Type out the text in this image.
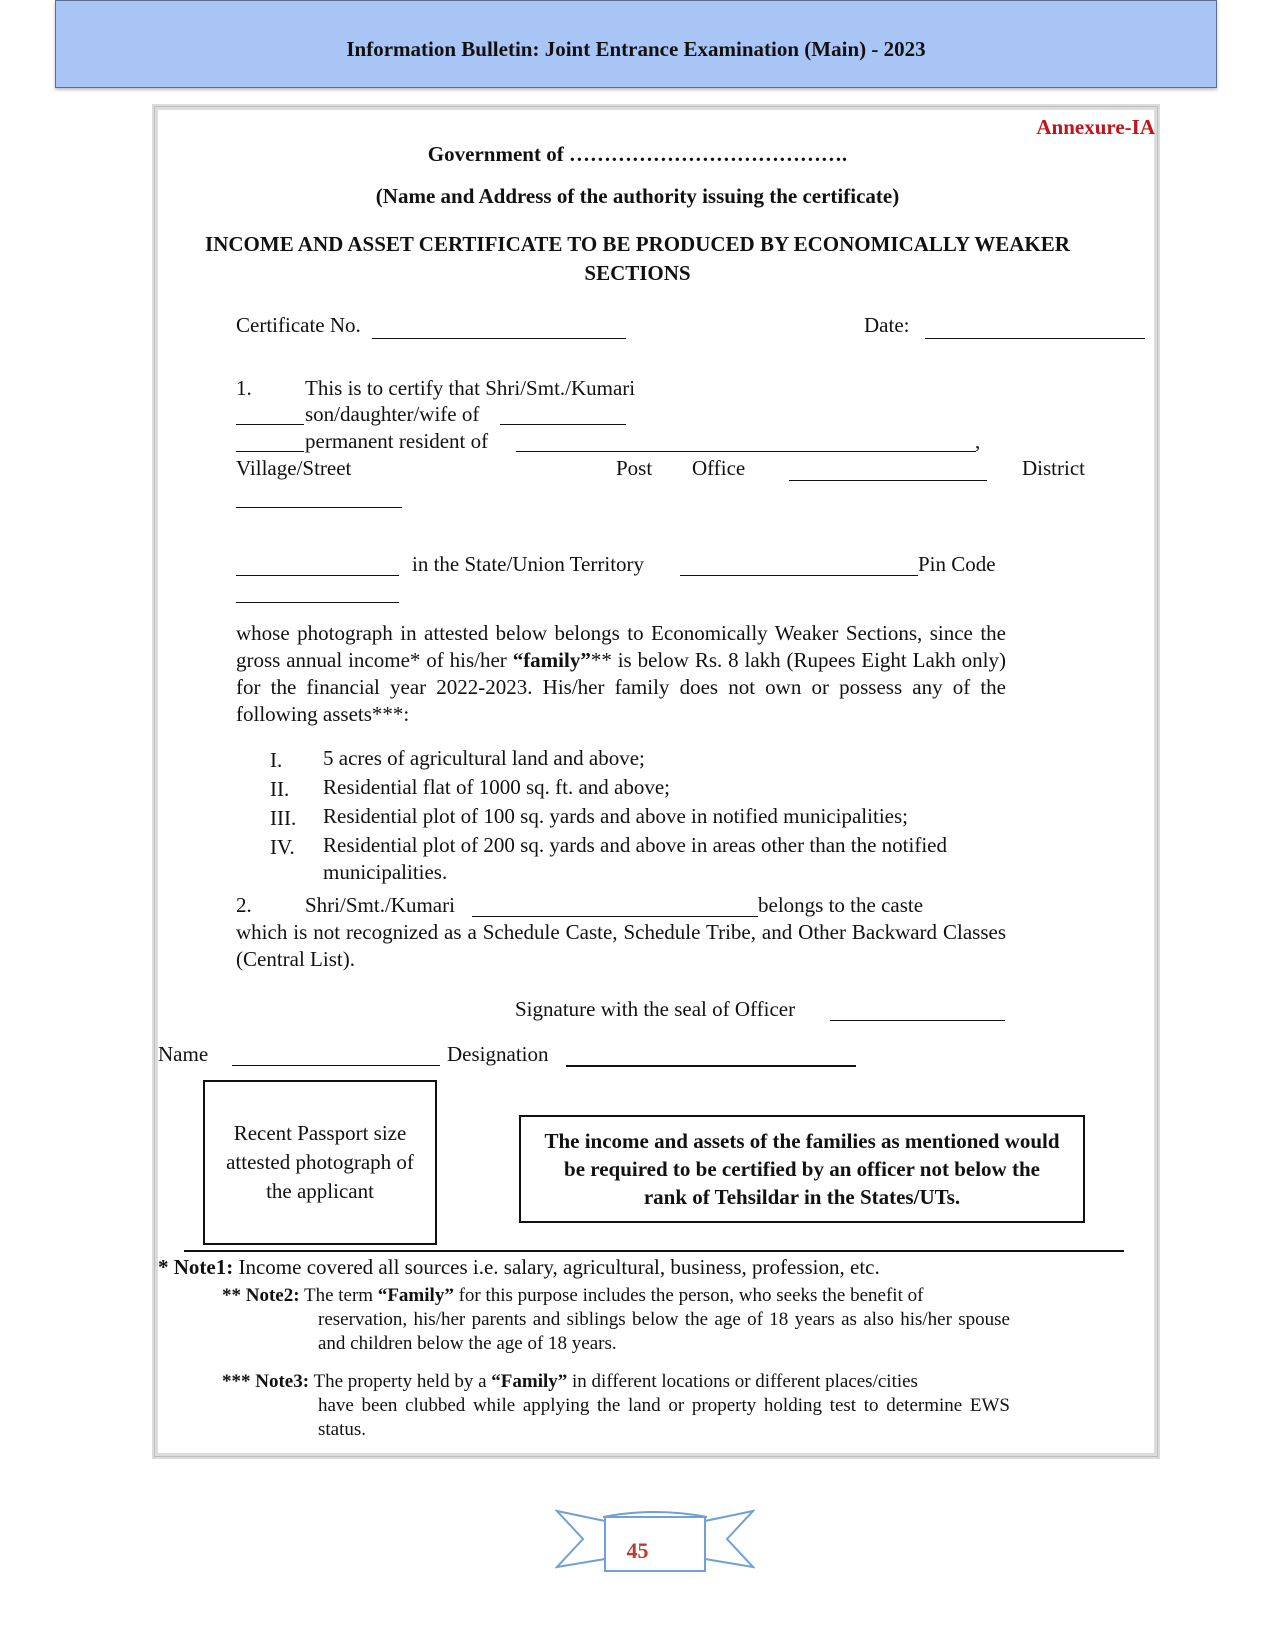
Information Bulletin: Joint Entrance Examination (Main) - 2023
Annexure-IA
Government of ………………………………….
(Name and Address of the authority issuing the certificate)
INCOME AND ASSET CERTIFICATE TO BE PRODUCED BY ECONOMICALLY WEAKER SECTIONS
Certificate No.	Date:
1.	This is to certify that Shri/Smt./Kumari
son/daughter/wife of
permanent resident of	,
Village/Street	Post Office	District
in the State/Union Territory	Pin Code
whose photograph in attested below belongs to Economically Weaker Sections, since the gross annual income* of his/her “family”** is below Rs. 8 lakh (Rupees Eight Lakh only) for the financial year 2022-2023. His/her family does not own or possess any of the following assets***:
I. 5 acres of agricultural land and above;
II. Residential flat of 1000 sq. ft. and above;
III. Residential plot of 100 sq. yards and above in notified municipalities;
IV. Residential plot of 200 sq. yards and above in areas other than the notified municipalities.
2.	Shri/Smt./Kumari	belongs to the caste
which is not recognized as a Schedule Caste, Schedule Tribe, and Other Backward Classes (Central List).
Signature with the seal of Officer
Name	Designation
Recent Passport size attested photograph of the applicant
The income and assets of the families as mentioned would be required to be certified by an officer not below the rank of Tehsildar in the States/UTs.
* Note1: Income covered all sources i.e. salary, agricultural, business, profession, etc.
** Note2: The term “Family” for this purpose includes the person, who seeks the benefit of
reservation, his/her parents and siblings below the age of 18 years as also his/her spouse and children below the age of 18 years.
*** Note3: The property held by a “Family” in different locations or different places/cities
have been clubbed while applying the land or property holding test to determine EWS status.
45
